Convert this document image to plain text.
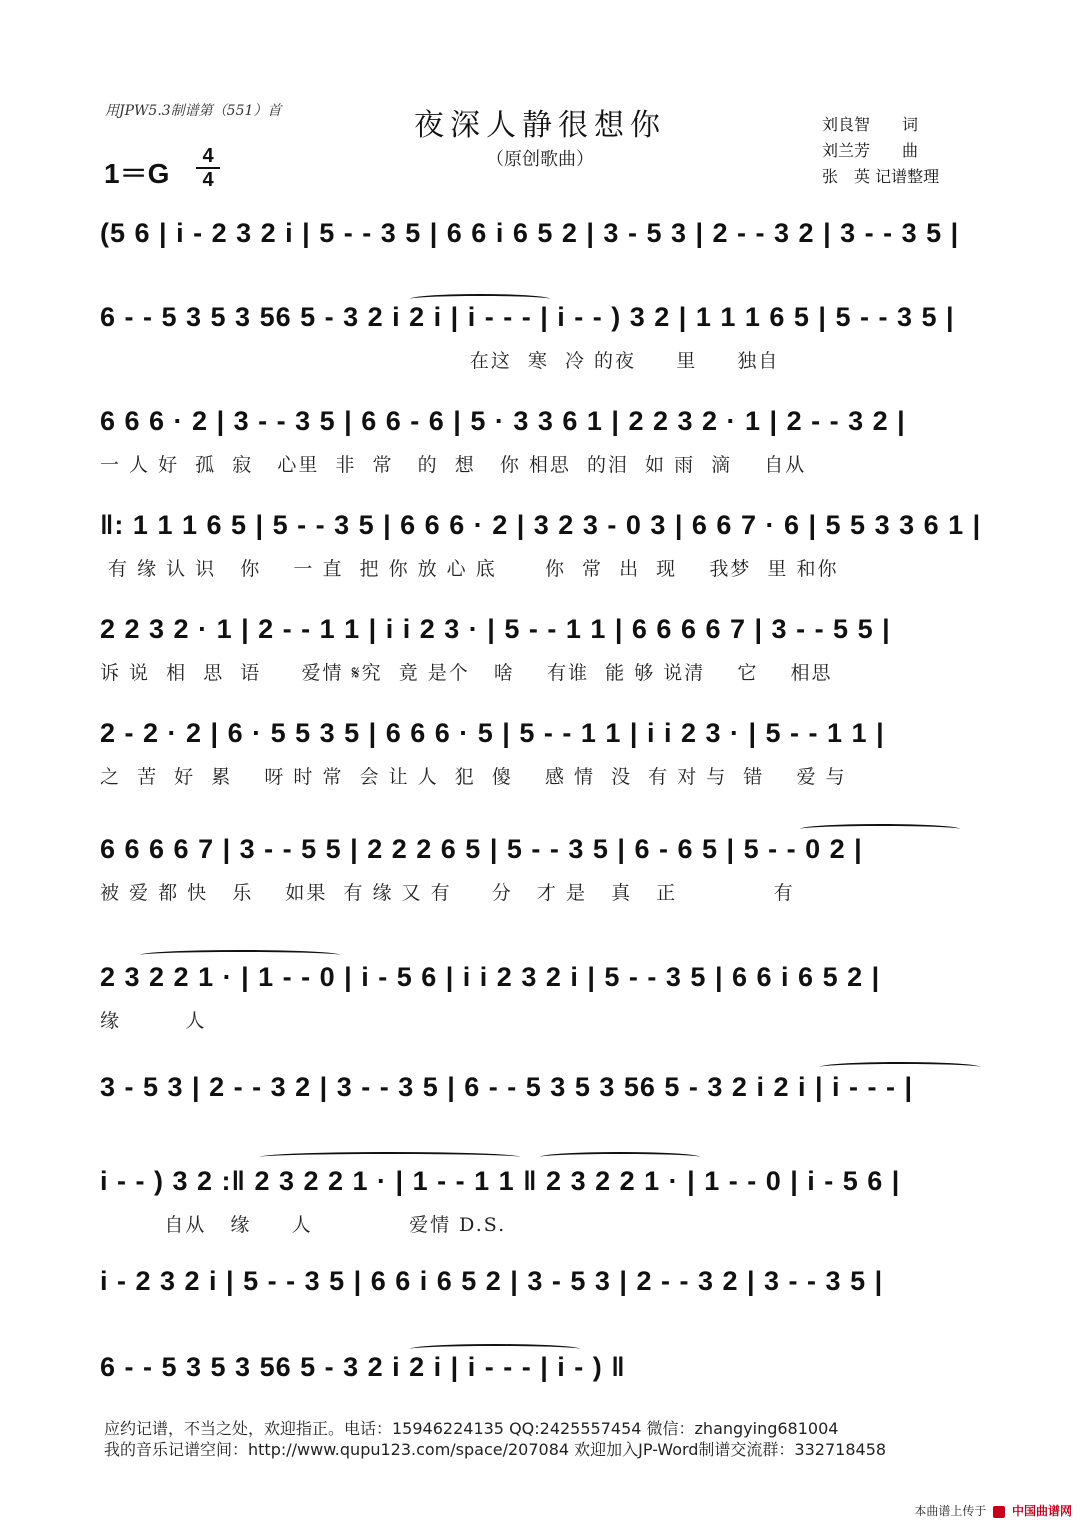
用JPW5.3制谱第（551）首	夜深人静很想你
（原创歌曲）
刘良智　　词
刘兰芳　　曲
张　英 记谱整理
1＝G
4
4
(5 6 | i - 2 3 2 i | 5 - - 3 5 | 6 6 i 6 5 2 | 3 - 5 3 | 2 - - 3 2 | 3 - - 3 5 |
6 - - 5 3 5 3 56 5 - 3 2 i 2 i | i - - - | i - - ) 3 2 | 1 1 1 6 5 | 5 - - 3 5 |
在这  寒  冷 的夜     里     独自
6 6 6 · 2 | 3 - - 3 5 | 6 6 - 6 | 5 · 3 3 6 1 | 2 2 3 2 · 1 | 2 - - 3 2 |
一 人 好  孤  寂   心里  非  常   的  想   你 相思  的泪  如 雨  滴    自从
‖: 1 1 1 6 5 | 5 - - 3 5 | 6 6 6 · 2 | 3 2 3 - 0 3 | 6 6 7 · 6 | 5 5 3 3 6 1 |
有 缘 认 识   你    一 直  把 你 放 心 底      你  常  出  现    我梦  里 和你
2 2 3 2 · 1 | 2 - - 1 1 | i i 2 3 · | 5 - - 1 1 | 6 6 6 6 7 | 3 - - 5 5 |
诉 说  相  思  语     爱情 𝄋究  竟 是个   啥    有谁  能 够 说清    它    相思
2 - 2 · 2 | 6 · 5 5 3 5 | 6 6 6 · 5 | 5 - - 1 1 | i i 2 3 · | 5 - - 1 1 |
之  苦  好  累    呀 时 常  会 让 人  犯  傻    感 情  没  有 对 与  错    爱 与
6 6 6 6 7 | 3 - - 5 5 | 2 2 2 6 5 | 5 - - 3 5 | 6 - 6 5 | 5 - - 0 2 |
被 爱 都 快   乐    如果  有 缘 又 有     分   才 是   真   正            有
2 3 2 2 1 · | 1 - - 0 | i - 5 6 | i i 2 3 2 i | 5 - - 3 5 | 6 6 i 6 5 2 |
缘        人
3 - 5 3 | 2 - - 3 2 | 3 - - 3 5 | 6 - - 5 3 5 3 56 5 - 3 2 i 2 i | i - - - |
i - - ) 3 2 :‖ 2 3 2 2 1 · | 1 - - 1 1 ‖ 2 3 2 2 1 · | 1 - - 0 | i - 5 6 |
自从   缘     人            爱情 D.S.
i - 2 3 2 i | 5 - - 3 5 | 6 6 i 6 5 2 | 3 - 5 3 | 2 - - 3 2 | 3 - - 3 5 |
6 - - 5 3 5 3 56 5 - 3 2 i 2 i | i - - - | i - ) ‖
应约记谱，不当之处，欢迎指正。电话：15946224135 QQ:2425557454 微信：zhangying681004
我的音乐记谱空间：http://www.qupu123.com/space/207084 欢迎加入JP-Word制谱交流群：332718458
本曲谱上传于 中国曲谱网
